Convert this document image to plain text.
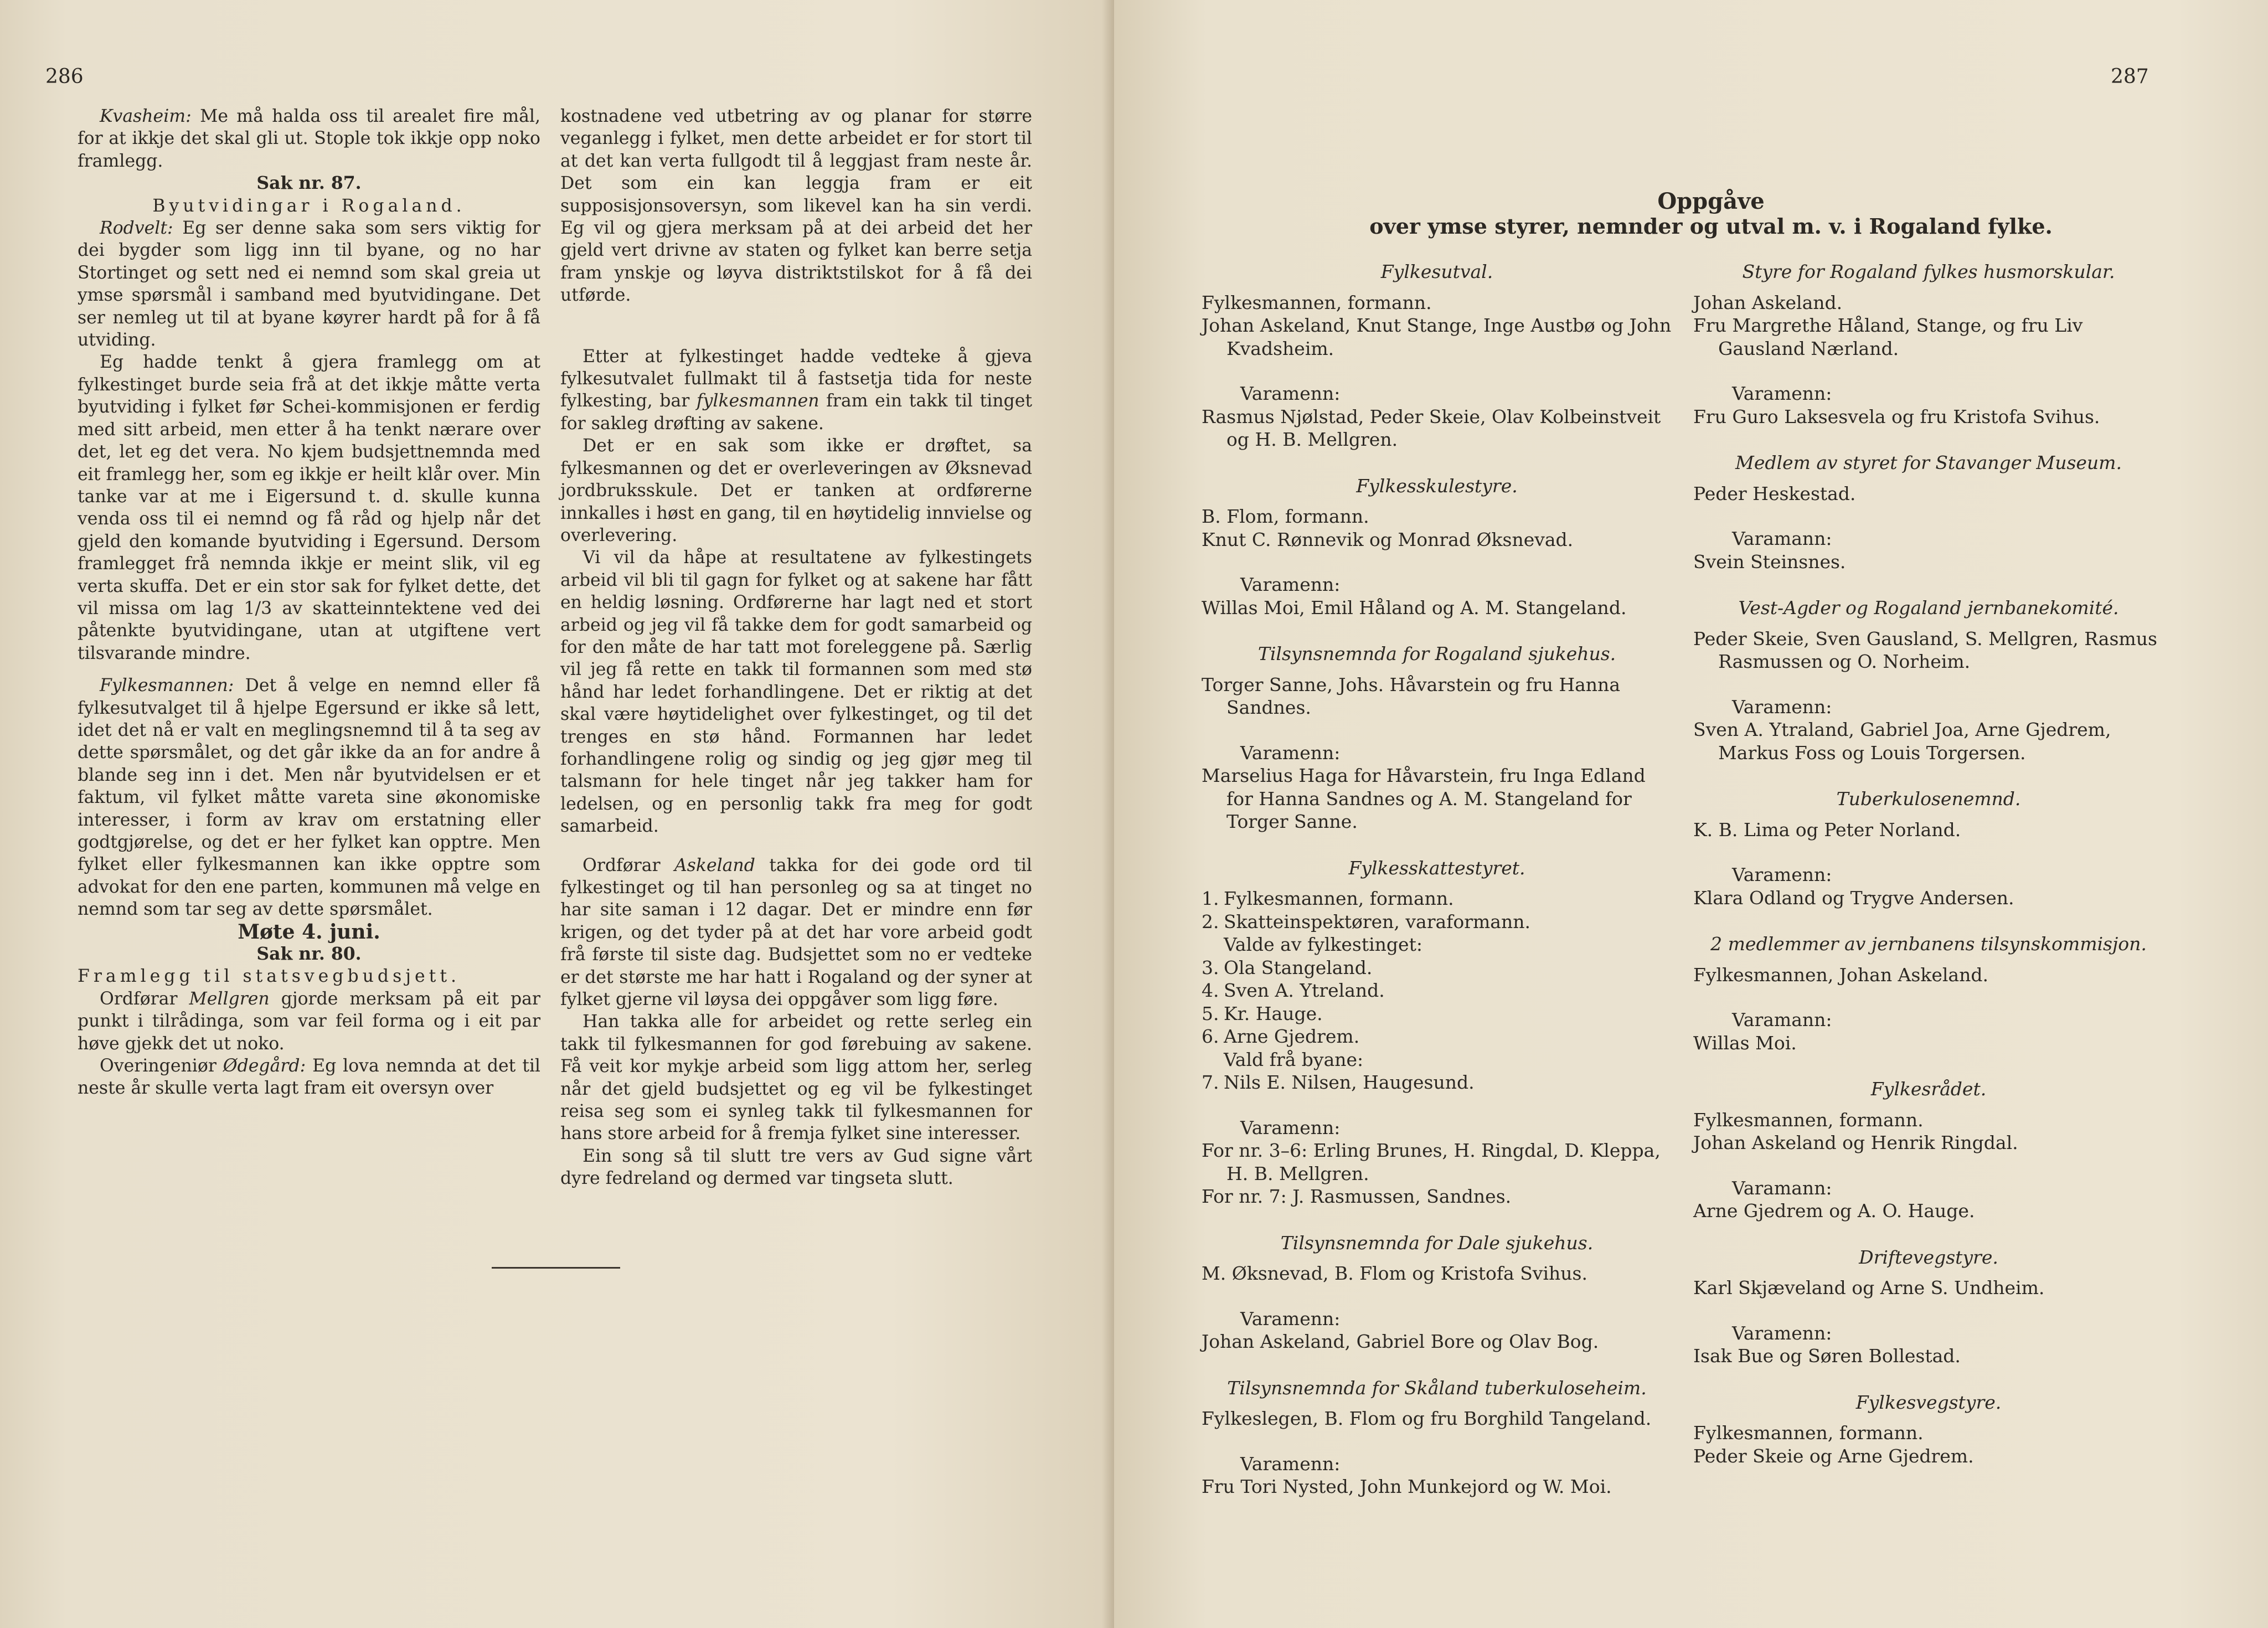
286

Kvasheim: Me må halda oss til arealet fire mål, for at ikkje det skal gli ut. Stople tok ikkje opp noko framlegg.

Sak nr. 87.

Byutvidingar i Rogaland.

Rodvelt: Eg ser denne saka som sers viktig for dei bygder som ligg inn til byane, og no har Stortinget og sett ned ei nemnd som skal greia ut ymse spørsmål i samband med byutvidingane. Det ser nemleg ut til at byane køyrer hardt på for å få utviding.

Eg hadde tenkt å gjera framlegg om at fylkestinget burde seia frå at det ikkje måtte verta byutviding i fylket før Schei-kommisjonen er ferdig med sitt arbeid, men etter å ha tenkt nærare over det, let eg det vera. No kjem budsjettnemnda med eit framlegg her, som eg ikkje er heilt klår over. Min tanke var at me i Eigersund t. d. skulle kunna venda oss til ei nemnd og få råd og hjelp når det gjeld den komande byutviding i Egersund. Dersom framlegget frå nemnda ikkje er meint slik, vil eg verta skuffa. Det er ein stor sak for fylket dette, det vil missa om lag 1/3 av skatteinntektene ved dei påtenkte byutvidingane, utan at utgiftene vert tilsvarande mindre.

Fylkesmannen: Det å velge en nemnd eller få fylkesutvalget til å hjelpe Egersund er ikke så lett, idet det nå er valt en meglingsnemnd til å ta seg av dette spørsmålet, og det går ikke da an for andre å blande seg inn i det. Men når byutvidelsen er et faktum, vil fylket måtte vareta sine økonomiske interesser, i form av krav om erstatning eller godtgjørelse, og det er her fylket kan opptre. Men fylket eller fylkesmannen kan ikke opptre som advokat for den ene parten, kommunen må velge en nemnd som tar seg av dette spørsmålet.

Møte 4. juni.

Sak nr. 80.

Framlegg til statsvegbudsjett.

Ordførar Mellgren gjorde merksam på eit par punkt i tilrådinga, som var feil forma og i eit par høve gjekk det ut noko.

Overingeniør Ødegård: Eg lova nemnda at det til neste år skulle verta lagt fram eit oversyn over

kostnadene ved utbetring av og planar for større veganlegg i fylket, men dette arbeidet er for stort til at det kan verta fullgodt til å leggjast fram neste år. Det som ein kan leggja fram er eit supposisjonsoversyn, som likevel kan ha sin verdi. Eg vil og gjera merksam på at dei arbeid det her gjeld vert drivne av staten og fylket kan berre setja fram ynskje og løyva distriktstilskot for å få dei utførde.

Etter at fylkestinget hadde vedteke å gjeva fylkesutvalet fullmakt til å fastsetja tida for neste fylkesting, bar fylkesmannen fram ein takk til tinget for sakleg drøfting av sakene.

Det er en sak som ikke er drøftet, sa fylkesmannen og det er overleveringen av Øksnevad jordbruksskule. Det er tanken at ordførerne innkalles i høst en gang, til en høytidelig innvielse og overlevering.

Vi vil da håpe at resultatene av fylkestingets arbeid vil bli til gagn for fylket og at sakene har fått en heldig løsning. Ordførerne har lagt ned et stort arbeid og jeg vil få takke dem for godt samarbeid og for den måte de har tatt mot foreleggene på. Særlig vil jeg få rette en takk til formannen som med stø hånd har ledet forhandlingene. Det er riktig at det skal være høytidelighet over fylkestinget, og til det trenges en stø hånd. Formannen har ledet forhandlingene rolig og sindig og jeg gjør meg til talsmann for hele tinget når jeg takker ham for ledelsen, og en personlig takk fra meg for godt samarbeid.

Ordførar Askeland takka for dei gode ord til fylkestinget og til han personleg og sa at tinget no har site saman i 12 dagar. Det er mindre enn før krigen, og det tyder på at det har vore arbeid godt frå første til siste dag. Budsjettet som no er vedteke er det største me har hatt i Rogaland og der syner at fylket gjerne vil løysa dei oppgåver som ligg føre.

Han takka alle for arbeidet og rette serleg ein takk til fylkesmannen for god førebuing av sakene. Få veit kor mykje arbeid som ligg attom her, serleg når det gjeld budsjettet og eg vil be fylkestinget reisa seg som ei synleg takk til fylkesmannen for hans store arbeid for å fremja fylket sine interesser.

Ein song så til slutt tre vers av Gud signe vårt dyre fedreland og dermed var tingseta slutt.

287
Oppgåve
over ymse styrer, nemnder og utval m. v. i Rogaland fylke.
Fylkesutval.
Fylkesmannen, formann.
Johan Askeland, Knut Stange, Inge Austbø og John Kvadsheim.
Varamenn:
Rasmus Njølstad, Peder Skeie, Olav Kolbeinstveit og H. B. Mellgren.
Fylkesskulestyre.
B. Flom, formann.
Knut C. Rønnevik og Monrad Øksnevad.
Varamenn:
Willas Moi, Emil Håland og A. M. Stangeland.
Tilsynsnemnda for Rogaland sjukehus.
Torger Sanne, Johs. Håvarstein og fru Hanna Sandnes.
Varamenn:
Marselius Haga for Håvarstein, fru Inga Edland for Hanna Sandnes og A. M. Stangeland for Torger Sanne.
Fylkesskattestyret.
1. Fylkesmannen, formann.
2. Skatteinspektøren, varaformann.
Valde av fylkestinget:
3. Ola Stangeland.
4. Sven A. Ytreland.
5. Kr. Hauge.
6. Arne Gjedrem.
Vald frå byane:
7. Nils E. Nilsen, Haugesund.
Varamenn:
For nr. 3–6: Erling Brunes, H. Ringdal, D. Kleppa, H. B. Mellgren.
For nr. 7: J. Rasmussen, Sandnes.
Tilsynsnemnda for Dale sjukehus.
M. Øksnevad, B. Flom og Kristofa Svihus.
Varamenn:
Johan Askeland, Gabriel Bore og Olav Bog.
Tilsynsnemnda for Skåland tuberkuloseheim.
Fylkeslegen, B. Flom og fru Borghild Tangeland.
Varamenn:
Fru Tori Nysted, John Munkejord og W. Moi.
Styre for Rogaland fylkes husmorskular.
Johan Askeland.
Fru Margrethe Håland, Stange, og fru Liv Gausland Nærland.
Varamenn:
Fru Guro Laksesvela og fru Kristofa Svihus.
Medlem av styret for Stavanger Museum.
Peder Heskestad.
Varamann:
Svein Steinsnes.
Vest-Agder og Rogaland jernbanekomité.
Peder Skeie, Sven Gausland, S. Mellgren, Rasmus Rasmussen og O. Norheim.
Varamenn:
Sven A. Ytraland, Gabriel Joa, Arne Gjedrem, Markus Foss og Louis Torgersen.
Tuberkulosenemnd.
K. B. Lima og Peter Norland.
Varamenn:
Klara Odland og Trygve Andersen.
2 medlemmer av jernbanens tilsynskommisjon.
Fylkesmannen, Johan Askeland.
Varamann:
Willas Moi.
Fylkesrådet.
Fylkesmannen, formann.
Johan Askeland og Henrik Ringdal.
Varamann:
Arne Gjedrem og A. O. Hauge.
Driftevegstyre.
Karl Skjæveland og Arne S. Undheim.
Varamenn:
Isak Bue og Søren Bollestad.
Fylkesvegstyre.
Fylkesmannen, formann.
Peder Skeie og Arne Gjedrem.
